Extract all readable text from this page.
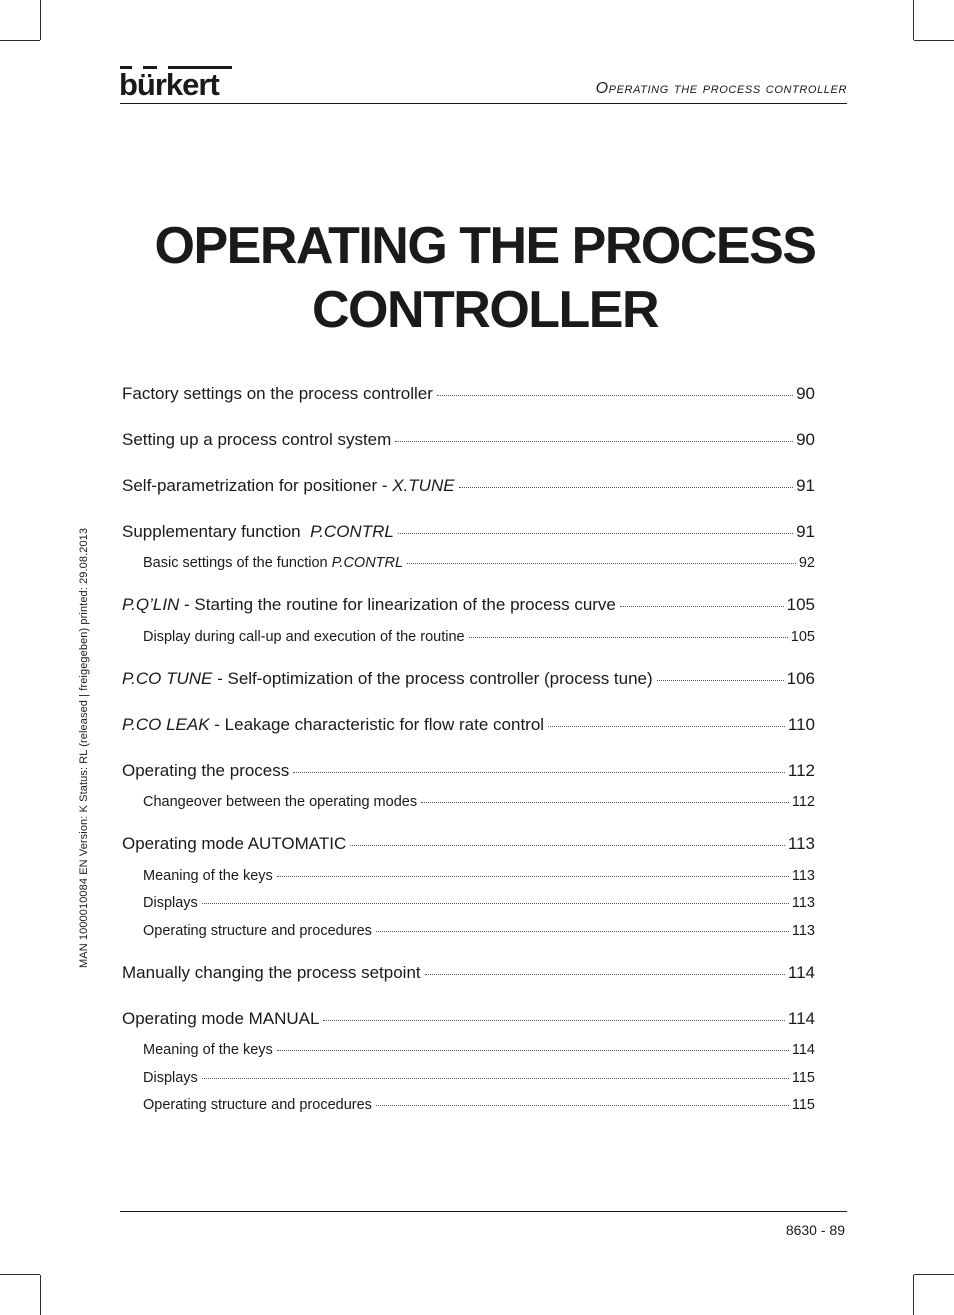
bürkert	Operating the process controller
OPERATING THE PROCESS
CONTROLLER
Factory settings on the process controller	90
Setting up a process control system	90
Self-parametrization for positioner - X.TUNE	91
Supplementary function  P.CONTRL	91
Basic settings of the function P.CONTRL	92
P.Q’LIN - Starting the routine for linearization of the process curve	105
Display during call-up and execution of the routine	105
P.CO TUNE - Self-optimization of the process controller (process tune)	106
P.CO LEAK - Leakage characteristic for flow rate control	110
Operating the process	112
Changeover between the operating modes	112
Operating mode AUTOMATIC	113
Meaning of the keys	113
Displays	113
Operating structure and procedures	113
Manually changing the process setpoint	114
Operating mode MANUAL	114
Meaning of the keys	114
Displays	115
Operating structure and procedures	115
MAN 1000010084 EN Version: K Status: RL (released | freigegeben) printed: 29.08.2013
8630 - 89
